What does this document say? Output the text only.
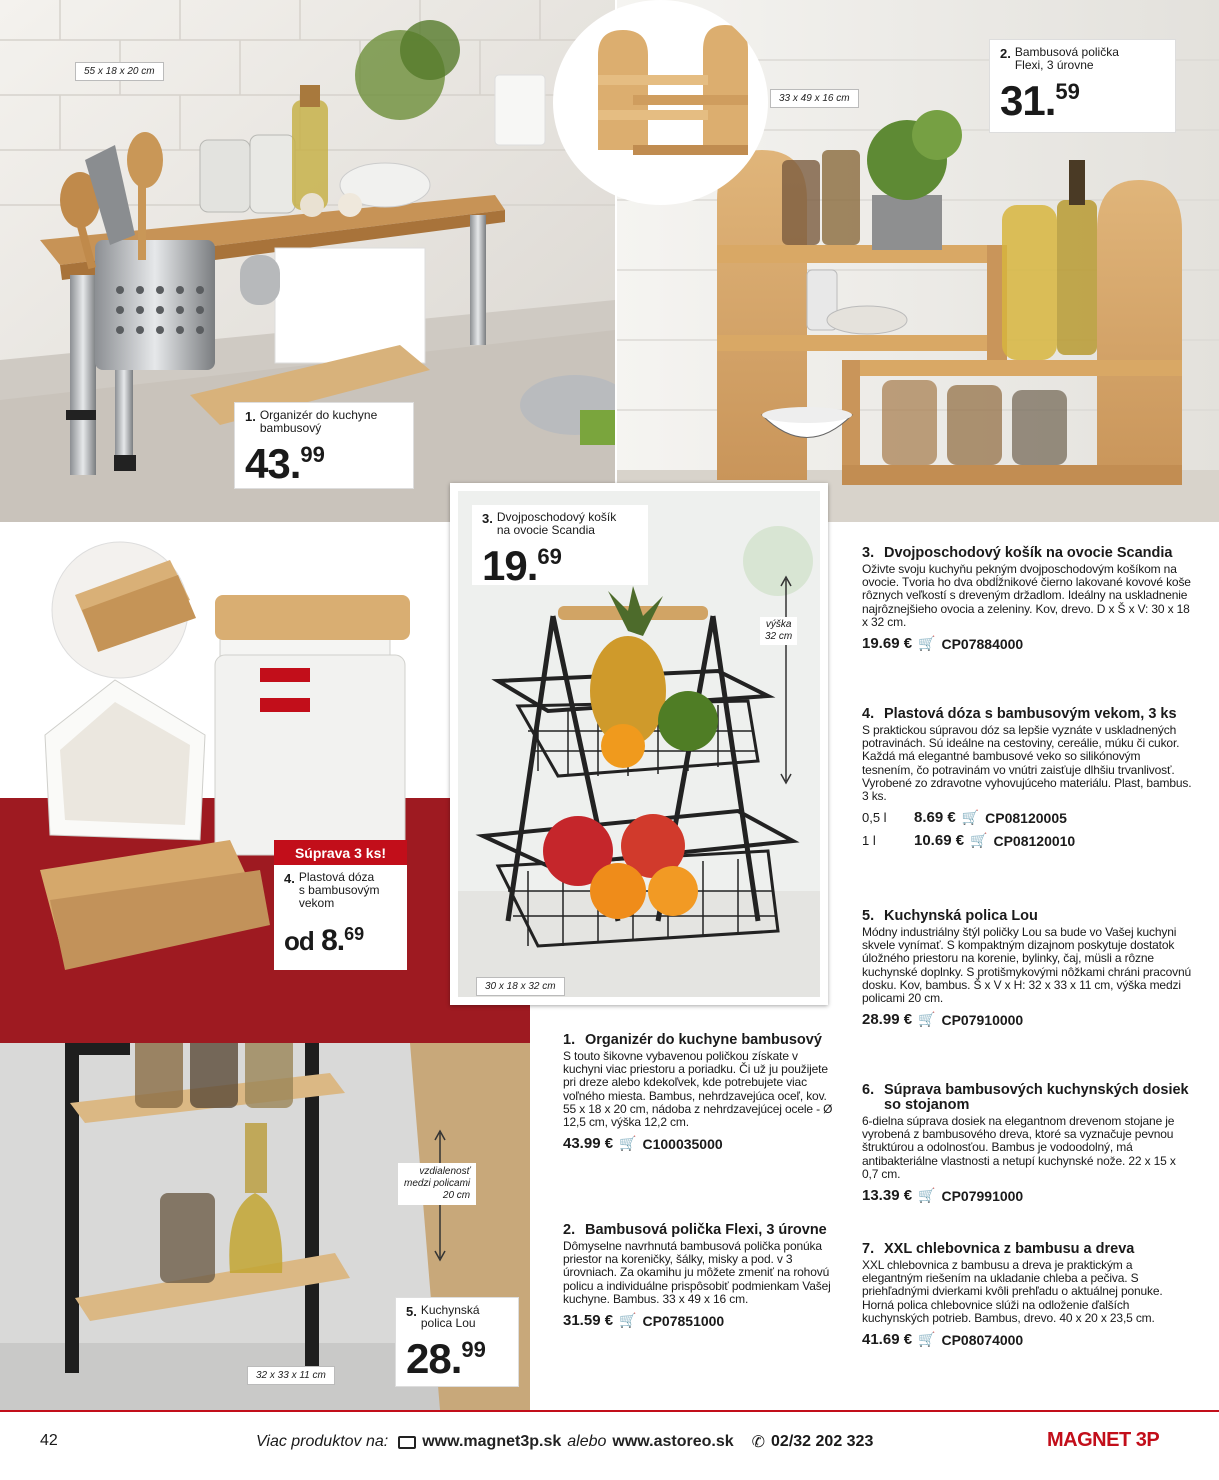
55 x 18 x 20 cm
1. Organizér do kuchyne
bambusový
43.99
33 x 49 x 16 cm
2. Bambusová polička
Flexi, 3 úrovne
31.59
Súprava 3 ks!
4. Plastová dóza
s bambusovým
vekom
od 8.69
výška
32 cm
30 x 18 x 32 cm
3. Dvojposchodový košík
na ovocie Scandia
19.69
vzdialenosť
medzi policami
20 cm
32 x 33 x 11 cm
5. Kuchynská
polica Lou
28.99
3. Dvojposchodový košík na ovocie Scandia

Oživte svoju kuchyňu pekným dvojposchodovým košíkom na ovocie. Tvoria ho dva obdĺžnikové čierno lakované kovové koše rôznych veľkostí s dreveným držadlom. Ideálny na uskladnenie najrôznejšieho ovocia a zeleniny. Kov, drevo. D x Š x V: 30 x 18 x 32 cm.

19.69 € 🛒 CP07884000
4. Plastová dóza s bambusovým vekom, 3 ks

S praktickou súpravou dóz sa lepšie vyznáte v uskladnených potravinách. Sú ideálne na cestoviny, cereálie, múku či cukor. Každá má elegantné bambusové veko so silikónovým tesnením, čo potravinám vo vnútri zaisťuje dlhšiu trvanlivosť. Vyrobené zo zdravotne vyhovujúceho materiálu. Plast, bambus. 3 ks.

0,5 l	8.69 € 🛒 CP08120005
1 l	10.69 € 🛒 CP08120010
5. Kuchynská polica Lou

Módny industriálny štýl poličky Lou sa bude vo Vašej kuchyni skvele vynímať. S kompaktným dizajnom poskytuje dostatok úložného priestoru na korenie, bylinky, čaj, müsli a rôzne kuchynské doplnky. S protišmykovými nôžkami chráni pracovnú dosku. Kov, bambus. Š x V x H: 32 x 33 x 11 cm, výška medzi policami 20 cm.

28.99 € 🛒 CP07910000
6. Súprava bambusových kuchynských dosiek so stojanom

6-dielna súprava dosiek na elegantnom drevenom stojane je vyrobená z bambusového dreva, ktoré sa vyznačuje pevnou štruktúrou a odolnosťou. Bambus je vodoodolný, má antibakteriálne vlastnosti a netupí kuchynské nože. 22 x 15 x 0,7 cm.

13.39 € 🛒 CP07991000
7. XXL chlebovnica z bambusu a dreva

XXL chlebovnica z bambusu a dreva je praktickým a elegantným riešením na ukladanie chleba a pečiva. S priehľadnými dvierkami kvôli prehľadu o aktuálnej ponuke. Horná polica chlebovnice slúži na odloženie ďalších kuchynských potrieb. Bambus, drevo. 40 x 20 x 23,5 cm.

41.69 € 🛒 CP08074000
1. Organizér do kuchyne bambusový

S touto šikovne vybavenou poličkou získate v kuchyni viac priestoru a poriadku. Či už ju použijete pri dreze alebo kdekoľvek, kde potrebujete viac voľného miesta. Bambus, nehrdzavejúca oceľ, kov. 55 x 18 x 20 cm, nádoba z nehrdzavejúcej ocele - Ø 12,5 cm, výška 12,2 cm.

43.99 € 🛒 C100035000
2. Bambusová polička Flexi, 3 úrovne

Dômyselne navrhnutá bambusová polička ponúka priestor na koreničky, šálky, misky a pod. v 3 úrovniach. Za okamihu ju môžete zmeniť na rohovú policu a individuálne prispôsobiť podmienkam Vašej kuchyne. Bambus. 33 x 49 x 16 cm.

31.59 € 🛒 CP07851000
42	Viac produktov na: www.magnet3p.sk alebo www.astoreo.sk ✆ 02/32 202 323	MAGNET 3P
